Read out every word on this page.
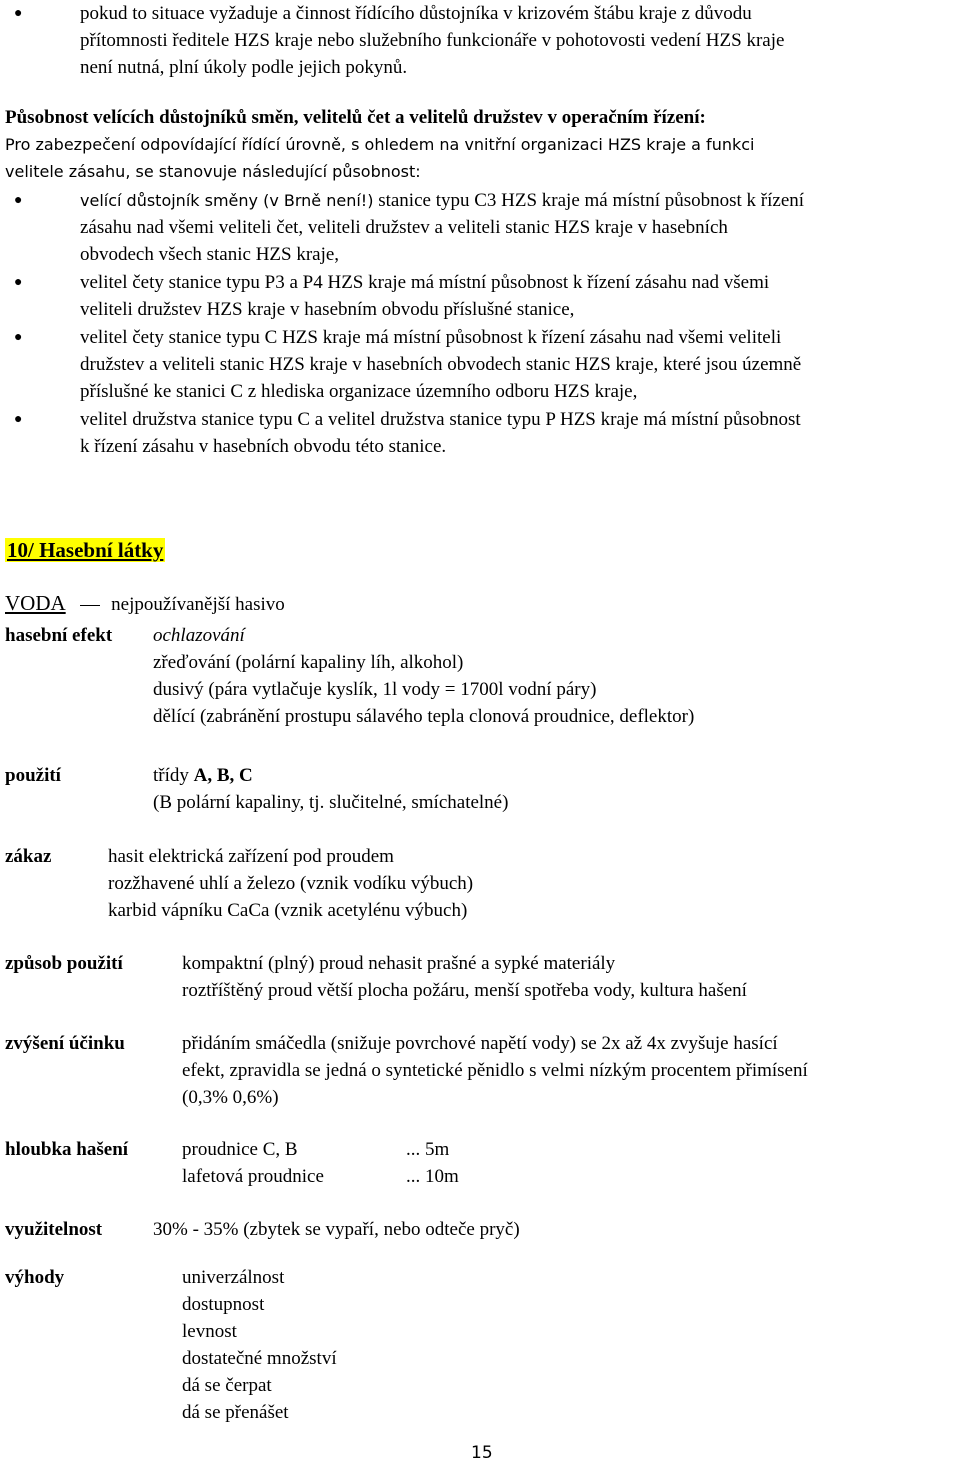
●	pokud to situace vyžaduje a činnost řídícího důstojníka v krizovém štábu kraje z důvodu
přítomnosti ředitele HZS kraje nebo služebního funkcionáře v pohotovosti vedení HZS kraje
není nutná, plní úkoly podle jejich pokynů.
Působnost velících důstojníků směn, velitelů čet a velitelů družstev v operačním řízení:
Pro zabezpečení odpovídající řídící úrovně, s ohledem na vnitřní organizaci HZS kraje a funkci
velitele zásahu, se stanovuje následující působnost:
●	velící důstojník směny (v Brně není!) stanice typu C3 HZS kraje má místní působnost k řízení
zásahu nad všemi veliteli čet, veliteli družstev a veliteli stanic HZS kraje v hasebních
obvodech všech stanic HZS kraje,
●	velitel čety stanice typu P3 a P4 HZS kraje má místní působnost k řízení zásahu nad všemi
veliteli družstev HZS kraje v hasebním obvodu příslušné stanice,
●	velitel čety stanice typu C HZS kraje má místní působnost k řízení zásahu nad všemi veliteli
družstev a veliteli stanic HZS kraje v hasebních obvodech stanic HZS kraje, které jsou územně
příslušné ke stanici C z hlediska organizace územního odboru HZS kraje,
●	velitel družstva stanice typu C a velitel družstva stanice typu P HZS kraje má místní působnost
k řízení zásahu v hasebních obvodu této stanice.
10/ Hasební látky
VODA  nejpoužívanější hasivo
hasební efekt ochlazování
zřeďování (polární kapaliny líh, alkohol)
dusivý (pára vytlačuje kyslík, 1l vody = 1700l vodní páry)
dělící (zabránění prostupu sálavého tepla clonová proudnice, deflektor)
použití	třídy A, B, C
(B polární kapaliny, tj. slučitelné, smíchatelné)
zákaz	hasit elektrická zařízení pod proudem
rozžhavené uhlí a železo (vznik vodíku výbuch)
karbid vápníku CaCa (vznik acetylénu výbuch)
způsob použití	kompaktní (plný) proud nehasit prašné a sypké materiály
roztříštěný proud větší plocha požáru, menší spotřeba vody, kultura hašení
zvýšení účinku	přidáním smáčedla (snižuje povrchové napětí vody) se 2x až 4x zvyšuje hasící
efekt, zpravidla se jedná o syntetické pěnidlo s velmi nízkým procentem přimísení
(0,3% 0,6%)
hloubka hašení	proudnice C, B	... 5m
lafetová proudnice	... 10m
využitelnost	30% - 35% (zbytek se vypaří, nebo odteče pryč)
výhody	univerzálnost
dostupnost
levnost
dostatečné množství
dá se čerpat
dá se přenášet
15
